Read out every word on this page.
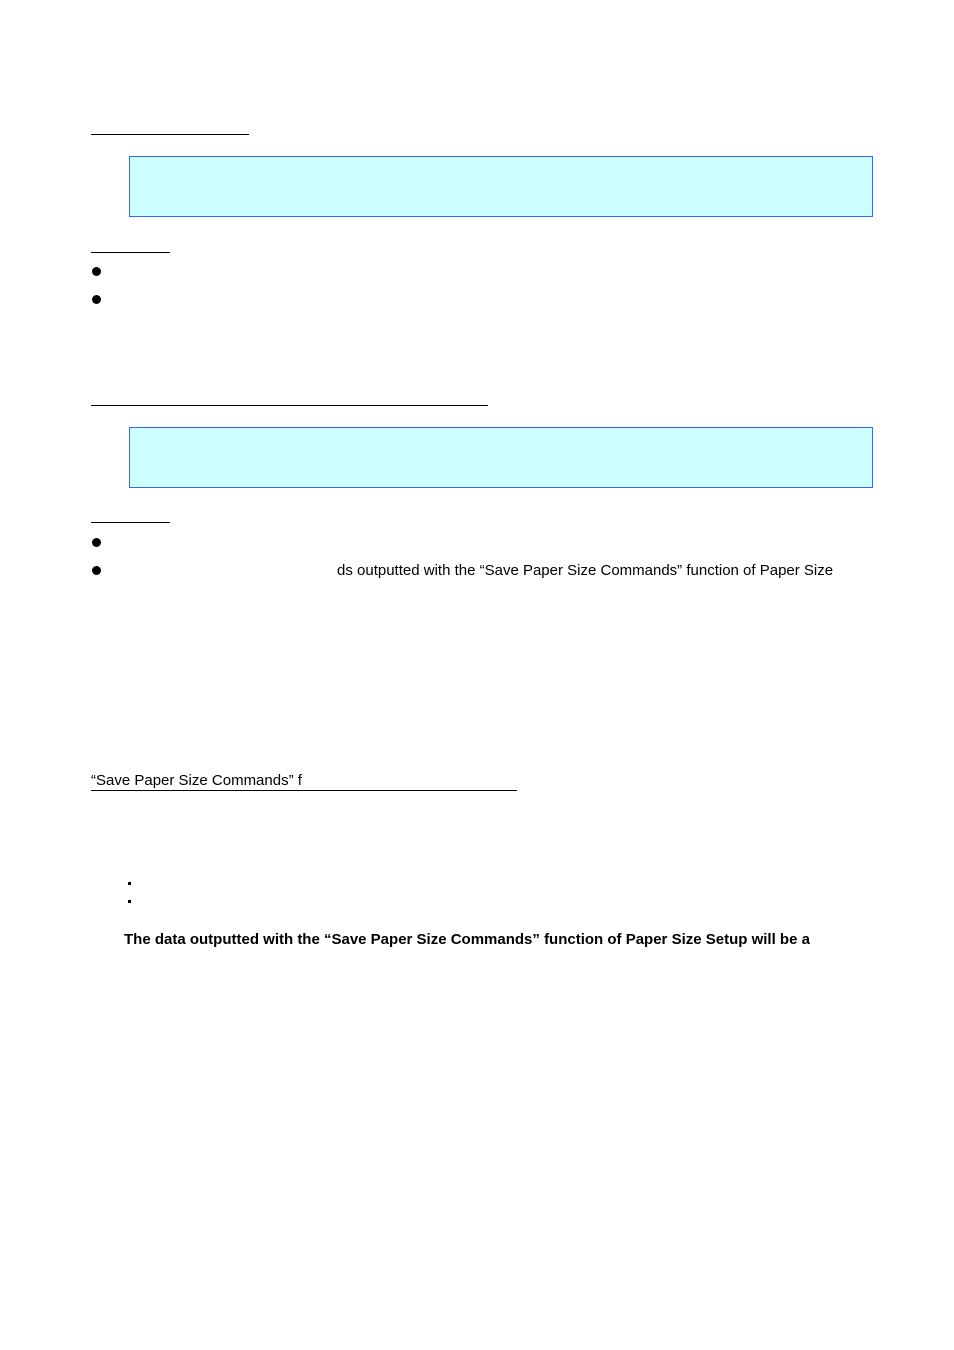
ds outputted with the “Save Paper Size Commands” function of Paper Size
“Save Paper Size Commands” f
The data outputted with the “Save Paper Size Commands” function of Paper Size Setup will be a
